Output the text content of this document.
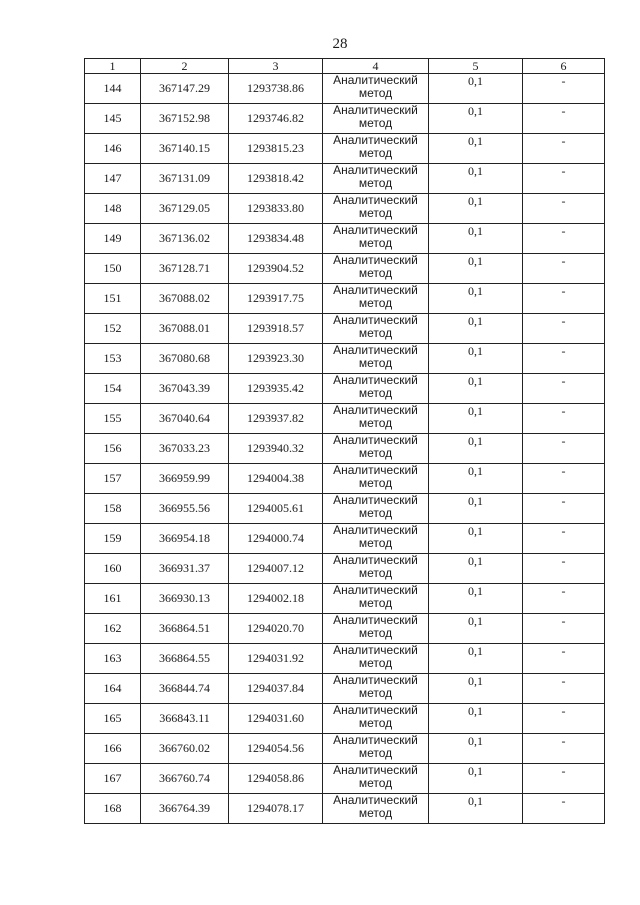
28
1	2	3	4	5	6
144	367147.29	1293738.86	Аналитический метод	0,1	-
145	367152.98	1293746.82	Аналитический метод	0,1	-
146	367140.15	1293815.23	Аналитический метод	0,1	-
147	367131.09	1293818.42	Аналитический метод	0,1	-
148	367129.05	1293833.80	Аналитический метод	0,1	-
149	367136.02	1293834.48	Аналитический метод	0,1	-
150	367128.71	1293904.52	Аналитический метод	0,1	-
151	367088.02	1293917.75	Аналитический метод	0,1	-
152	367088.01	1293918.57	Аналитический метод	0,1	-
153	367080.68	1293923.30	Аналитический метод	0,1	-
154	367043.39	1293935.42	Аналитический метод	0,1	-
155	367040.64	1293937.82	Аналитический метод	0,1	-
156	367033.23	1293940.32	Аналитический метод	0,1	-
157	366959.99	1294004.38	Аналитический метод	0,1	-
158	366955.56	1294005.61	Аналитический метод	0,1	-
159	366954.18	1294000.74	Аналитический метод	0,1	-
160	366931.37	1294007.12	Аналитический метод	0,1	-
161	366930.13	1294002.18	Аналитический метод	0,1	-
162	366864.51	1294020.70	Аналитический метод	0,1	-
163	366864.55	1294031.92	Аналитический метод	0,1	-
164	366844.74	1294037.84	Аналитический метод	0,1	-
165	366843.11	1294031.60	Аналитический метод	0,1	-
166	366760.02	1294054.56	Аналитический метод	0,1	-
167	366760.74	1294058.86	Аналитический метод	0,1	-
168	366764.39	1294078.17	Аналитический метод	0,1	-
